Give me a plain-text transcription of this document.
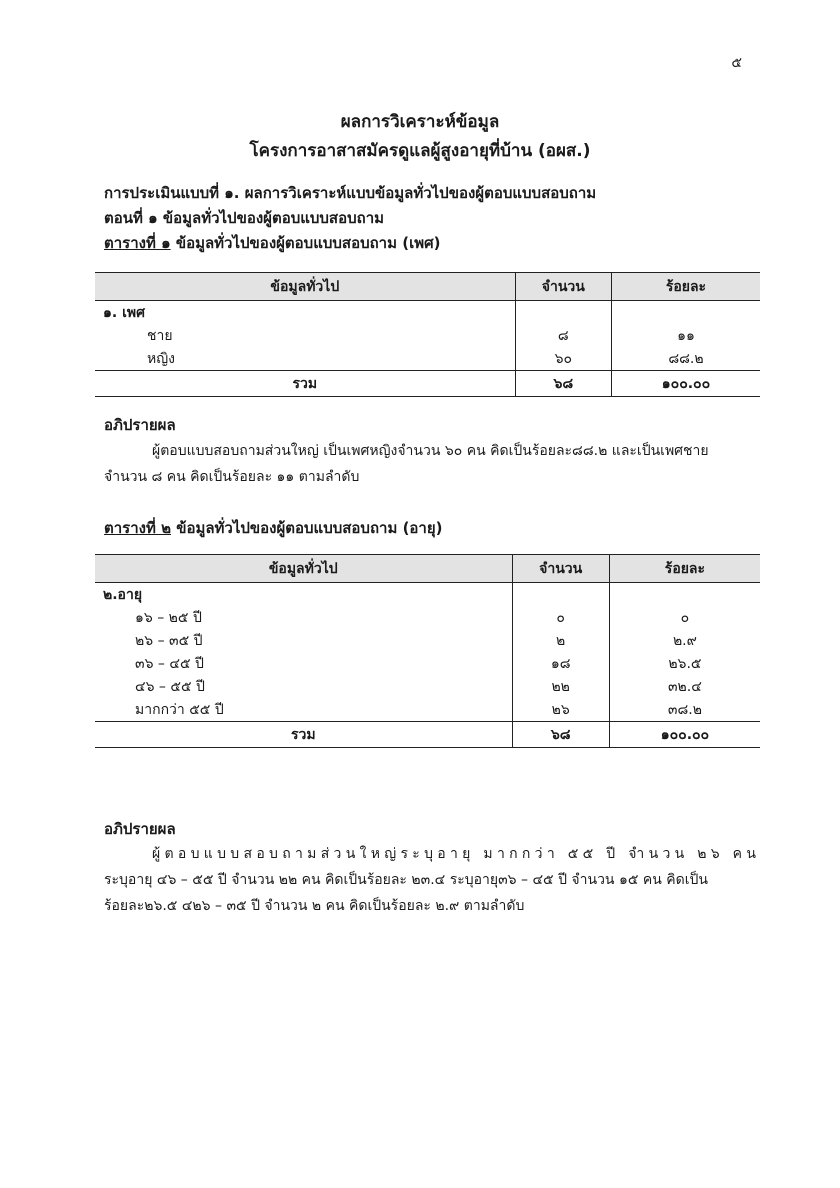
๕
ผลการวิเคราะห์ข้อมูล
โครงการอาสาสมัครดูแลผู้สูงอายุที่บ้าน (อผส.)
การประเมินแบบที่ ๑. ผลการวิเคราะห์แบบข้อมูลทั่วไปของผู้ตอบแบบสอบถาม
ตอนที่ ๑ ข้อมูลทั่วไปของผู้ตอบแบบสอบถาม
ตารางที่ ๑ ข้อมูลทั่วไปของผู้ตอบแบบสอบถาม (เพศ)
ข้อมูลทั่วไป	จำนวน	ร้อยละ
๑. เพศ		
ชาย	๘	๑๑
หญิง	๖๐	๘๘.๒
รวม	๖๘	๑๐๐.๐๐
อภิปรายผล
ผู้ตอบแบบสอบถามส่วนใหญ่ เป็นเพศหญิงจำนวน ๖๐ คน คิดเป็นร้อยละ๘๘.๒ และเป็นเพศชาย
จำนวน ๘ คน คิดเป็นร้อยละ ๑๑ ตามลำดับ
ตารางที่ ๒ ข้อมูลทั่วไปของผู้ตอบแบบสอบถาม (อายุ)
ข้อมูลทั่วไป	จำนวน	ร้อยละ
๒.อายุ		
๑๖ – ๒๕ ปี	๐	๐
๒๖ – ๓๕ ปี	๒	๒.๙
๓๖ – ๔๕ ปี	๑๘	๒๖.๕
๔๖ – ๕๕ ปี	๒๒	๓๒.๔
มากกว่า ๕๕ ปี	๒๖	๓๘.๒
รวม	๖๘	๑๐๐.๐๐
อภิปรายผล
ผู้ตอบแบบสอบถามส่วนใหญ่ระบุอายุ มากกว่า ๕๕ ปี จำนวน ๒๖ คน
ระบุอายุ ๔๖ – ๕๕ ปี จำนวน ๒๒ คน คิดเป็นร้อยละ ๒๓.๔ ระบุอายุ๓๖ – ๔๕ ปี จำนวน ๑๕ คน คิดเป็น
ร้อยละ๒๖.๕ ๔๒๖ – ๓๕ ปี จำนวน ๒ คน คิดเป็นร้อยละ ๒.๙ ตามลำดับ
